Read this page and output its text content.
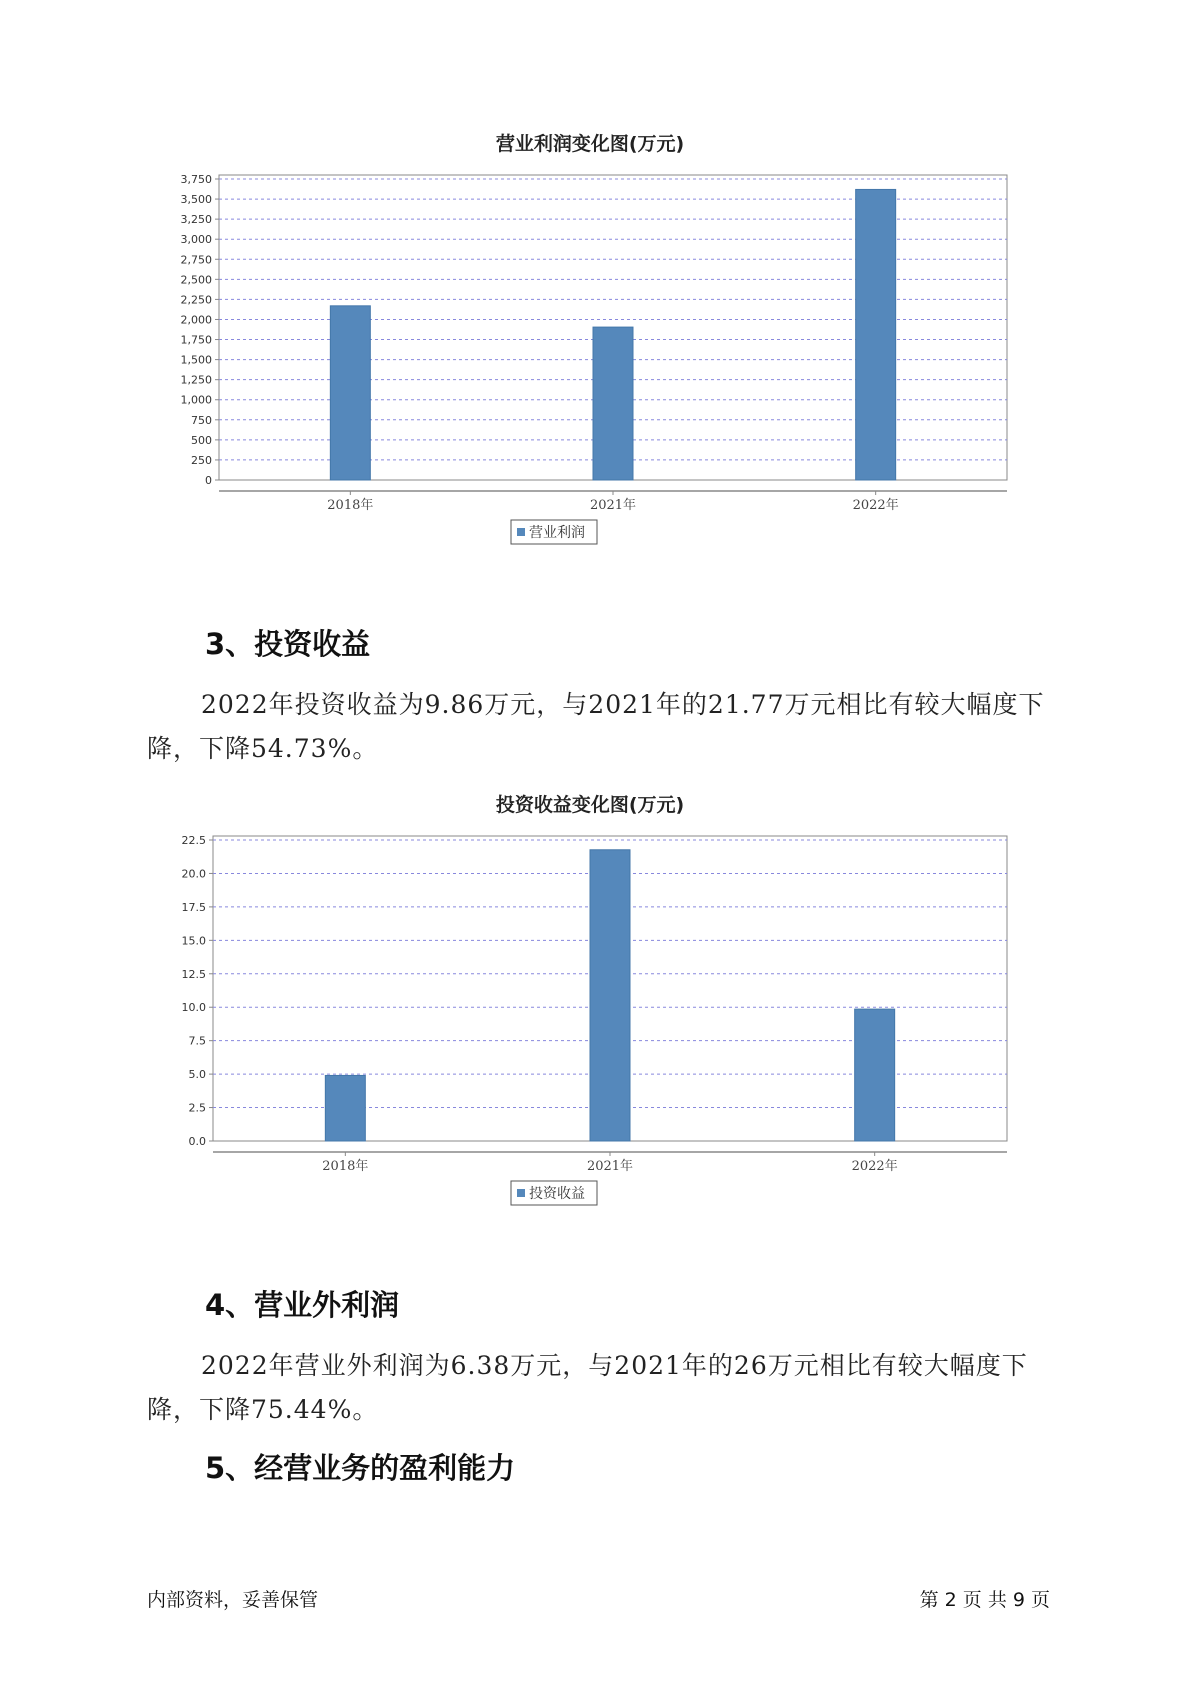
营业利润变化图(万元)
0
250
500
750
1,000
1,250
1,500
1,750
2,000
2,250
2,500
2,750
3,000
3,250
3,500
3,750
2018年	2021年	2022年
营业利润
3、投资收益
2022年投资收益为9.86万元，与2021年的21.77万元相比有较大幅度下降，下降54.73%。
投资收益变化图(万元)
0.0
2.5
5.0
7.5
10.0
12.5
15.0
17.5
20.0
22.5
2018年	2021年	2022年
投资收益
4、营业外利润
2022年营业外利润为6.38万元，与2021年的26万元相比有较大幅度下降，下降75.44%。
5、经营业务的盈利能力
内部资料，妥善保管	第 2 页 共 9 页
